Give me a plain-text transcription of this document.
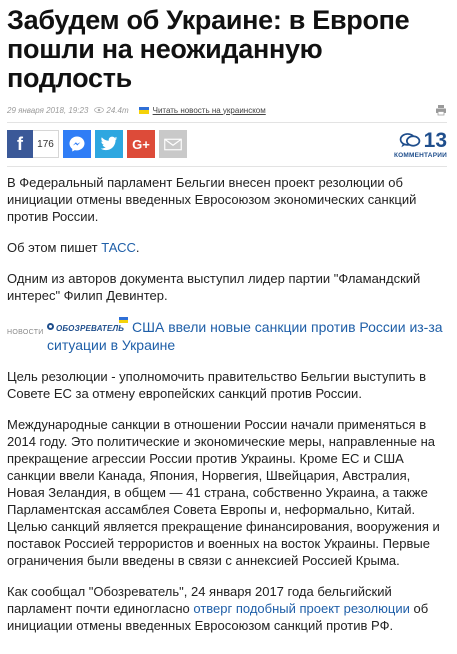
Забудем об Украине: в Европе пошли на неожиданную подлость
29 января 2018, 19:23 24.4т	Читать новость на украинском
f	176	G+	13
КОММЕНТАРИИ

В Федеральный парламент Бельгии внесен проект резолюции об инициации отмены введенных Евросоюзом экономических санкций против России.

Об этом пишет ТАСС.

Одним из авторов документа выступил лидер партии "Фламандский интерес" Филип Девинтер.

НОВОСТИ	ОБОЗРЕВАТЕЛЬ США ввели новые санкции против России из-за ситуации в Украине

Цель резолюции - уполномочить правительство Бельгии выступить в Совете ЕС за отмену европейских санкций против России.

Международные санкции в отношении России начали применяться в 2014 году. Это политические и экономические меры, направленные на прекращение агрессии России против Украины. Кроме ЕС и США санкции ввели Канада, Япония, Норвегия, Швейцария, Австралия, Новая Зеландия, в общем — 41 страна, собственно Украина, а также Парламентская ассамблея Совета Европы и, неформально, Китай. Целью санкций является прекращение финансирования, вооружения и поставок Россией террористов и военных на восток Украины. Первые ограничения были введены в связи с аннексией Россией Крыма.

Как сообщал "Обозреватель", 24 января 2017 года бельгийский парламент почти единогласно отверг подобный проект резолюции об инициации отмены введенных Евросоюзом санкций против РФ.
